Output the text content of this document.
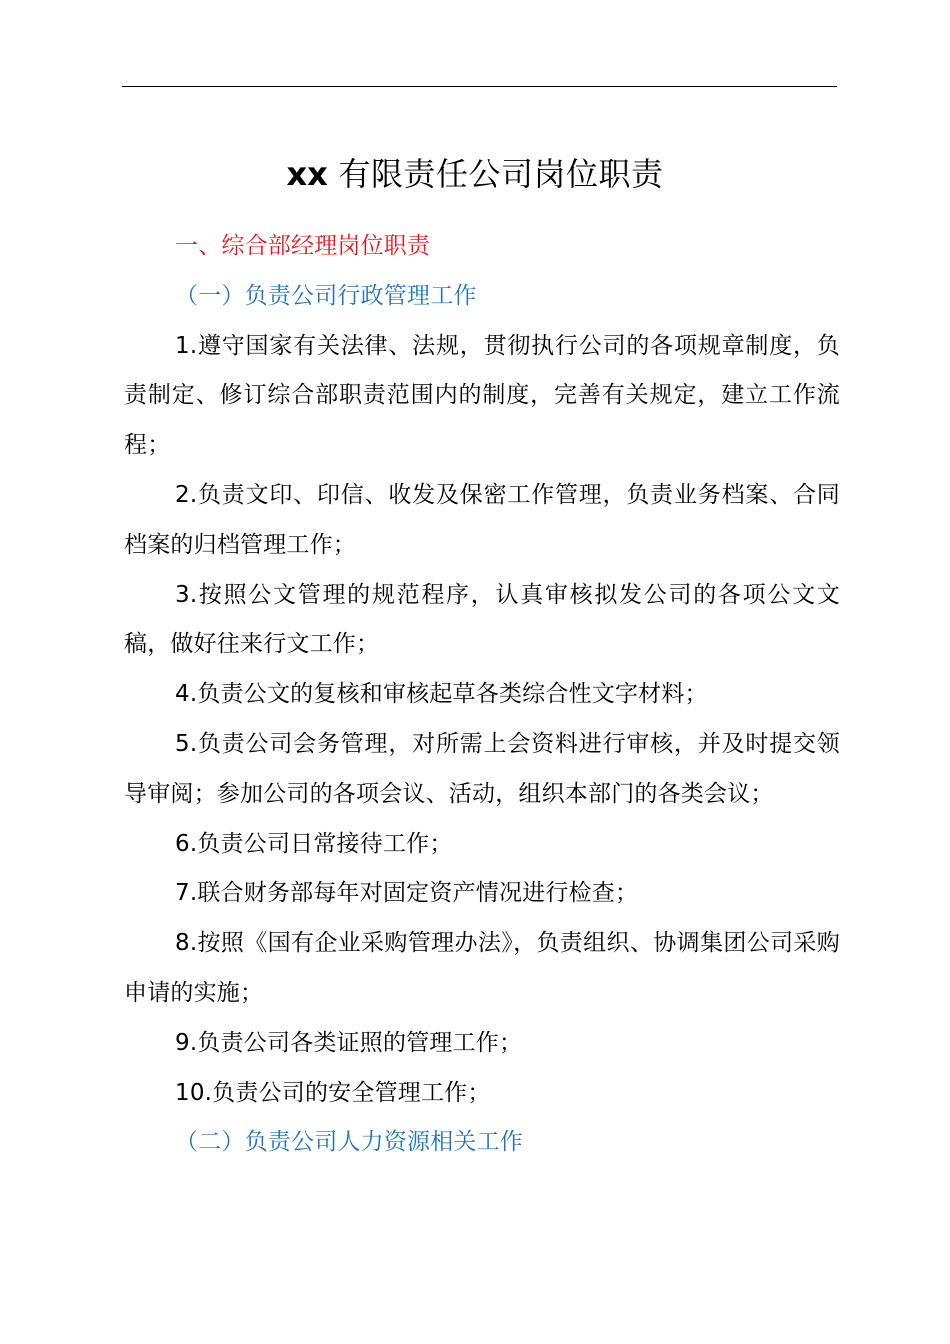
xx 有限责任公司岗位职责

一、综合部经理岗位职责

（一）负责公司行政管理工作

1.遵守国家有关法律、法规，贯彻执行公司的各项规章制度，负责制定、修订综合部职责范围内的制度，完善有关规定，建立工作流程；

2.负责文印、印信、收发及保密工作管理，负责业务档案、合同档案的归档管理工作；

3.按照公文管理的规范程序，认真审核拟发公司的各项公文文稿，做好往来行文工作；

4.负责公文的复核和审核起草各类综合性文字材料；

5.负责公司会务管理，对所需上会资料进行审核，并及时提交领导审阅；参加公司的各项会议、活动，组织本部门的各类会议；

6.负责公司日常接待工作；

7.联合财务部每年对固定资产情况进行检查；

8.按照《国有企业采购管理办法》，负责组织、协调集团公司采购申请的实施；

9.负责公司各类证照的管理工作；

10.负责公司的安全管理工作；

（二）负责公司人力资源相关工作
